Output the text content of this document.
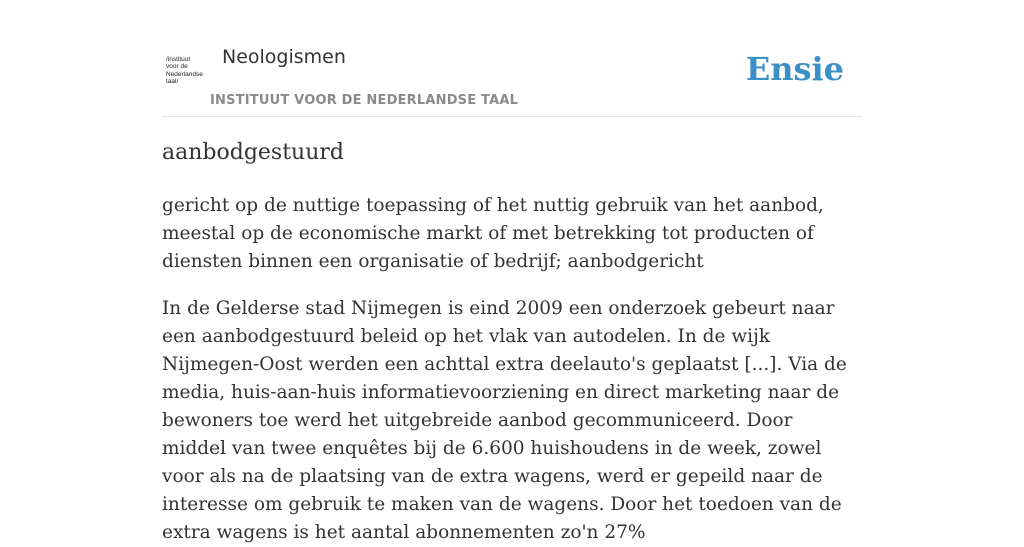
/instituut
voor de
Nederlandse
taal/
Neologismen
INSTITUUT VOOR DE NEDERLANDSE TAAL
Ensie
aanbodgestuurd

gericht op de nuttige toepassing of het nuttig gebruik van het aanbod, meestal op de economische markt of met betrekking tot producten of diensten binnen een organisatie of bedrijf; aanbodgericht

In de Gelderse stad Nijmegen is eind 2009 een onderzoek gebeurt naar een aanbodgestuurd beleid op het vlak van autodelen. In de wijk Nijmegen-Oost werden een achttal extra deelauto's geplaatst [...]. Via de media, huis-aan-huis informatievoorziening en direct marketing naar de bewoners toe werd het uitgebreide aanbod gecommuniceerd. Door middel van twee enquêtes bij de 6.600 huishoudens in de week, zowel voor als na de plaatsing van de extra wagens, werd er gepeild naar de interesse om gebruik te maken van de wagens. Door het toedoen van de extra wagens is het aantal abonnementen zo'n 27%
